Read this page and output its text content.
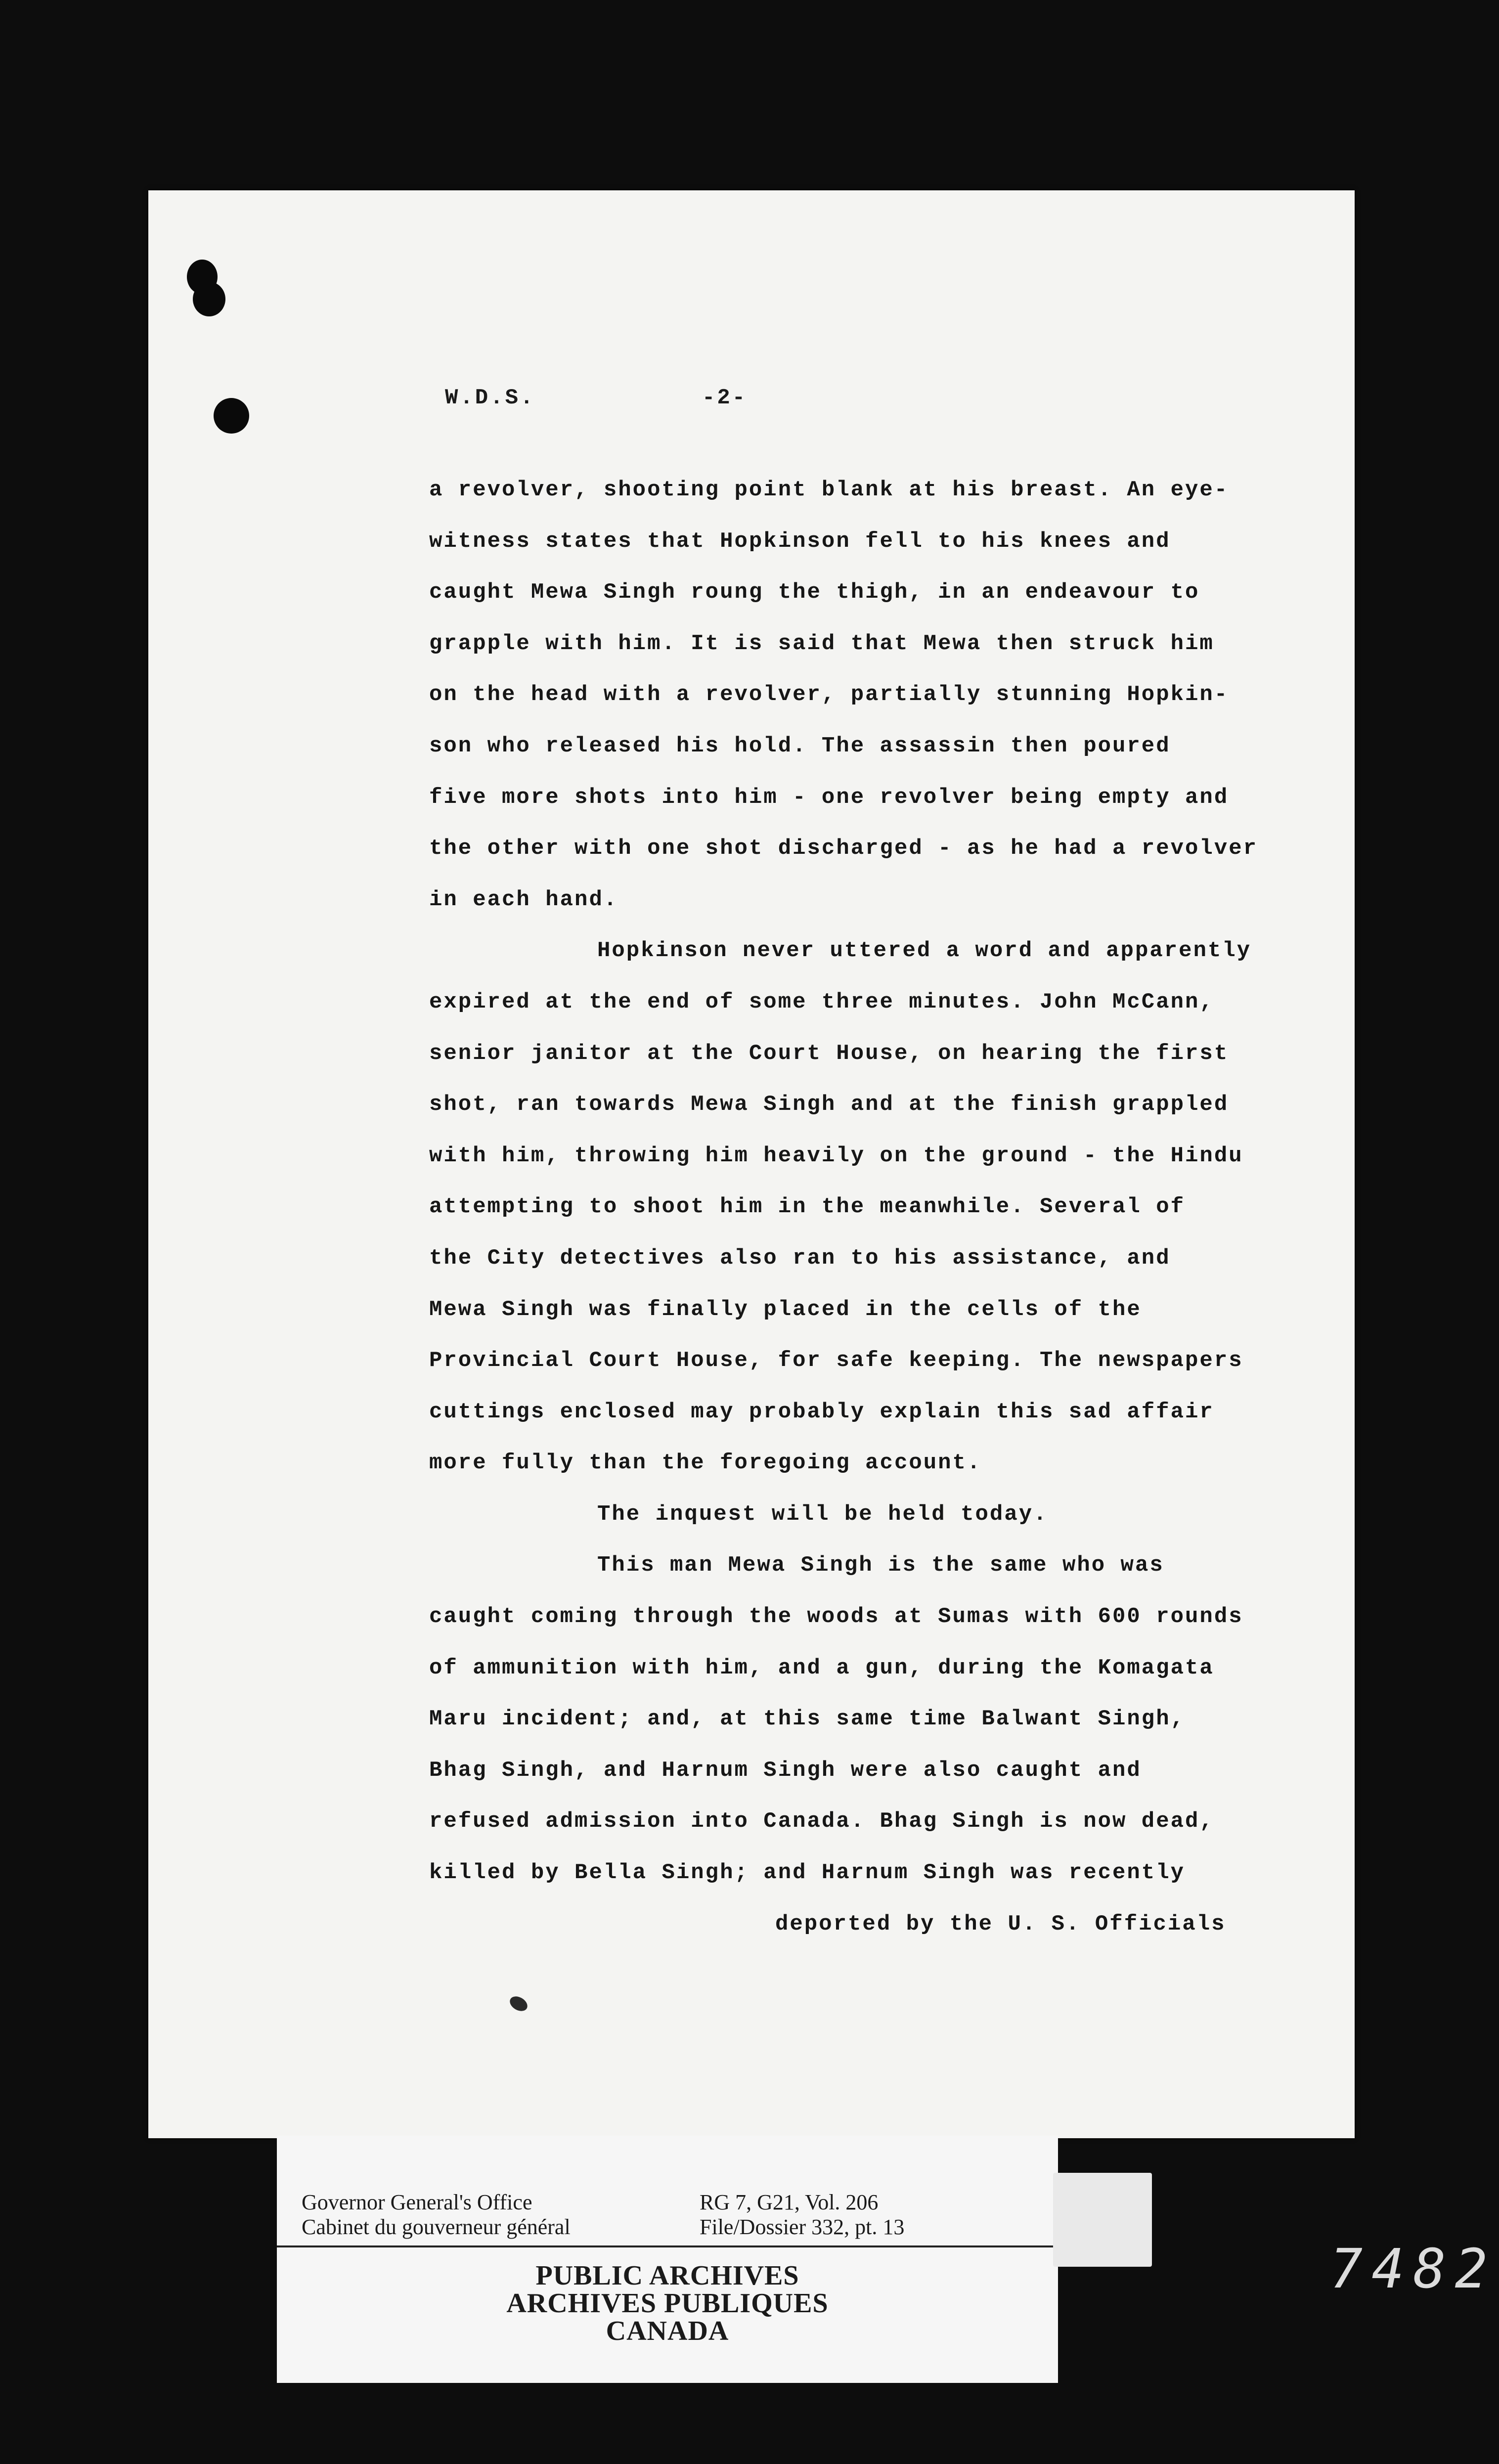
W.D.S.	-2-
a revolver, shooting point blank at his breast. An eye-
witness states that Hopkinson fell to his knees and
caught Mewa Singh roung the thigh, in an endeavour to
grapple with him. It is said that Mewa then struck him
on the head with a revolver, partially stunning Hopkin-
son who released his hold. The assassin then poured
five more shots into him - one revolver being empty and
the other with one shot discharged - as he had a revolver
in each hand.
Hopkinson never uttered a word and apparently
expired at the end of some three minutes. John McCann,
senior janitor at the Court House, on hearing the first
shot, ran towards Mewa Singh and at the finish grappled
with him, throwing him heavily on the ground - the Hindu
attempting to shoot him in the meanwhile. Several of
the City detectives also ran to his assistance, and
Mewa Singh was finally placed in the cells of the
Provincial Court House, for safe keeping. The newspapers
cuttings enclosed may probably explain this sad affair
more fully than the foregoing account.
The inquest will be held today.
This man Mewa Singh is the same who was
caught coming through the woods at Sumas with 600 rounds
of ammunition with him, and a gun, during the Komagata
Maru incident; and, at this same time Balwant Singh,
Bhag Singh, and Harnum Singh were also caught and
refused admission into Canada. Bhag Singh is now dead,
killed by Bella Singh; and Harnum Singh was recently
deported by the U. S. Officials
Governor General's Office
Cabinet du gouverneur général
RG 7, G21, Vol. 206
File/Dossier 332, pt. 13
PUBLIC ARCHIVES
ARCHIVES PUBLIQUES
CANADA
7482
